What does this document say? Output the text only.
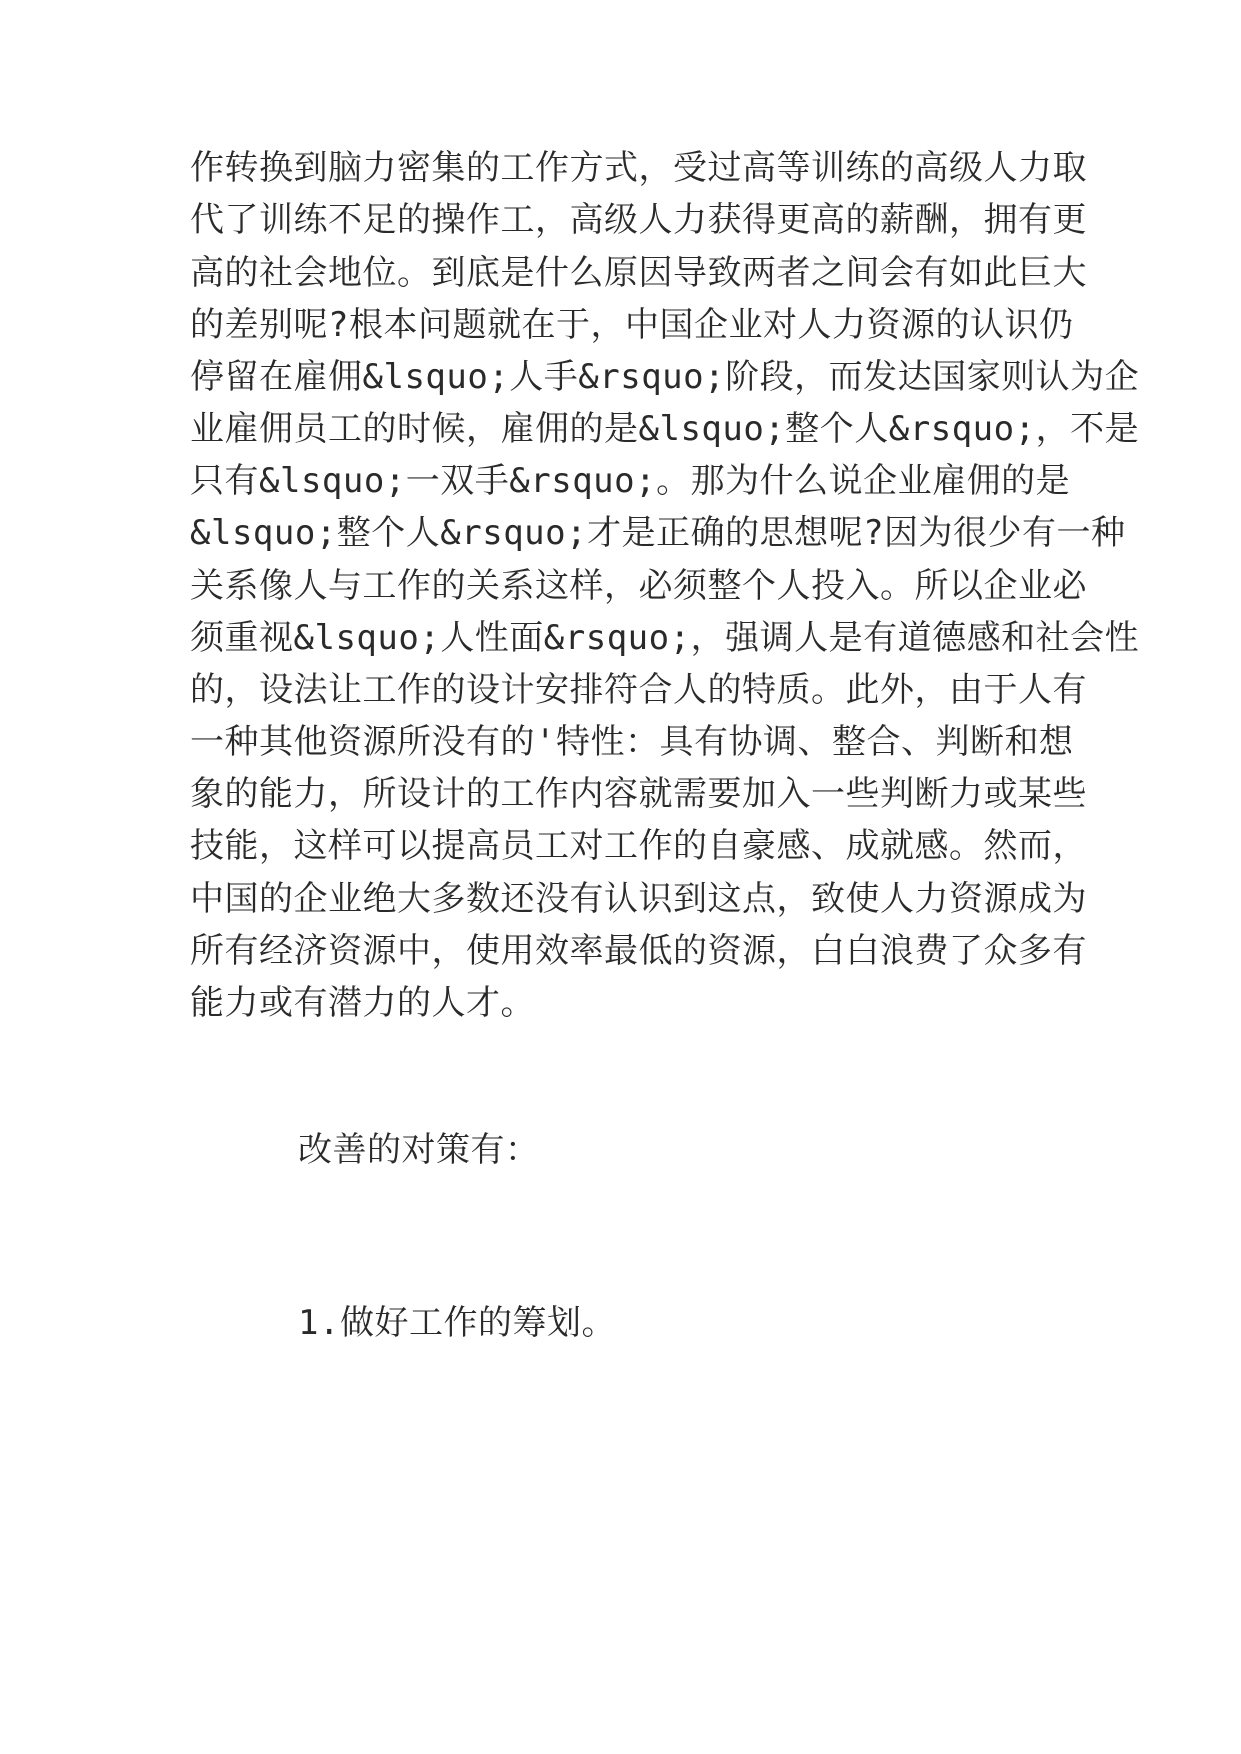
作转换到脑力密集的工作方式，受过高等训练的高级人力取
代了训练不足的操作工，高级人力获得更高的薪酬，拥有更
高的社会地位。到底是什么原因导致两者之间会有如此巨大
的差别呢?根本问题就在于，中国企业对人力资源的认识仍
停留在雇佣&lsquo;人手&rsquo;阶段，而发达国家则认为企
业雇佣员工的时候，雇佣的是&lsquo;整个人&rsquo;，不是
只有&lsquo;一双手&rsquo;。那为什么说企业雇佣的是
&lsquo;整个人&rsquo;才是正确的思想呢?因为很少有一种
关系像人与工作的关系这样，必须整个人投入。所以企业必
须重视&lsquo;人性面&rsquo;，强调人是有道德感和社会性
的，设法让工作的设计安排符合人的特质。此外，由于人有
一种其他资源所没有的'特性：具有协调、整合、判断和想
象的能力，所设计的工作内容就需要加入一些判断力或某些
技能，这样可以提高员工对工作的自豪感、成就感。然而，
中国的企业绝大多数还没有认识到这点，致使人力资源成为
所有经济资源中，使用效率最低的资源，白白浪费了众多有
能力或有潜力的人才。
改善的对策有：
1.做好工作的筹划。
